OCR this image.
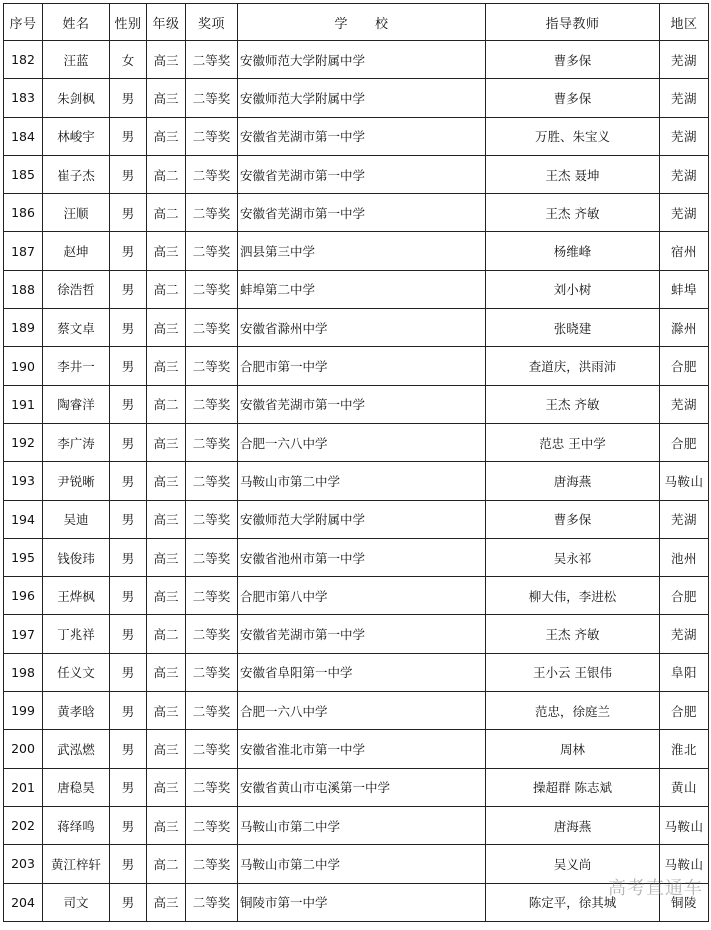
序号	姓名	性别	年级	奖项	学　　校	指导教师	地区
182	汪蓝	女	高三	二等奖	安徽师范大学附属中学	曹多保	芜湖
183	朱剑枫	男	高三	二等奖	安徽师范大学附属中学	曹多保	芜湖
184	林峻宇	男	高三	二等奖	安徽省芜湖市第一中学	万胜、朱宝义	芜湖
185	崔子杰	男	高二	二等奖	安徽省芜湖市第一中学	王杰 聂坤	芜湖
186	汪顺	男	高二	二等奖	安徽省芜湖市第一中学	王杰 齐敏	芜湖
187	赵坤	男	高三	二等奖	泗县第三中学	杨维峰	宿州
188	徐浩哲	男	高二	二等奖	蚌埠第二中学	刘小树	蚌埠
189	蔡文卓	男	高三	二等奖	安徽省滁州中学	张晓建	滁州
190	李井一	男	高三	二等奖	合肥市第一中学	查道庆，洪雨沛	合肥
191	陶睿洋	男	高二	二等奖	安徽省芜湖市第一中学	王杰 齐敏	芜湖
192	李广涛	男	高三	二等奖	合肥一六八中学	范忠 王中学	合肥
193	尹锐晰	男	高三	二等奖	马鞍山市第二中学	唐海燕	马鞍山
194	吴迪	男	高三	二等奖	安徽师范大学附属中学	曹多保	芜湖
195	钱俊玮	男	高三	二等奖	安徽省池州市第一中学	吴永祁	池州
196	王烨枫	男	高三	二等奖	合肥市第八中学	柳大伟，李进松	合肥
197	丁兆祥	男	高二	二等奖	安徽省芜湖市第一中学	王杰 齐敏	芜湖
198	任义文	男	高三	二等奖	安徽省阜阳第一中学	王小云 王银伟	阜阳
199	黄孝晗	男	高三	二等奖	合肥一六八中学	范忠，徐庭兰	合肥
200	武泓燃	男	高三	二等奖	安徽省淮北市第一中学	周林	淮北
201	唐稳昊	男	高三	二等奖	安徽省黄山市屯溪第一中学	操超群 陈志斌	黄山
202	蒋绎鸣	男	高三	二等奖	马鞍山市第二中学	唐海燕	马鞍山
203	黄江梓轩	男	高二	二等奖	马鞍山市第二中学	吴义尚	马鞍山
204	司文	男	高三	二等奖	铜陵市第一中学	陈定平，徐其城	铜陵
高考直通车
